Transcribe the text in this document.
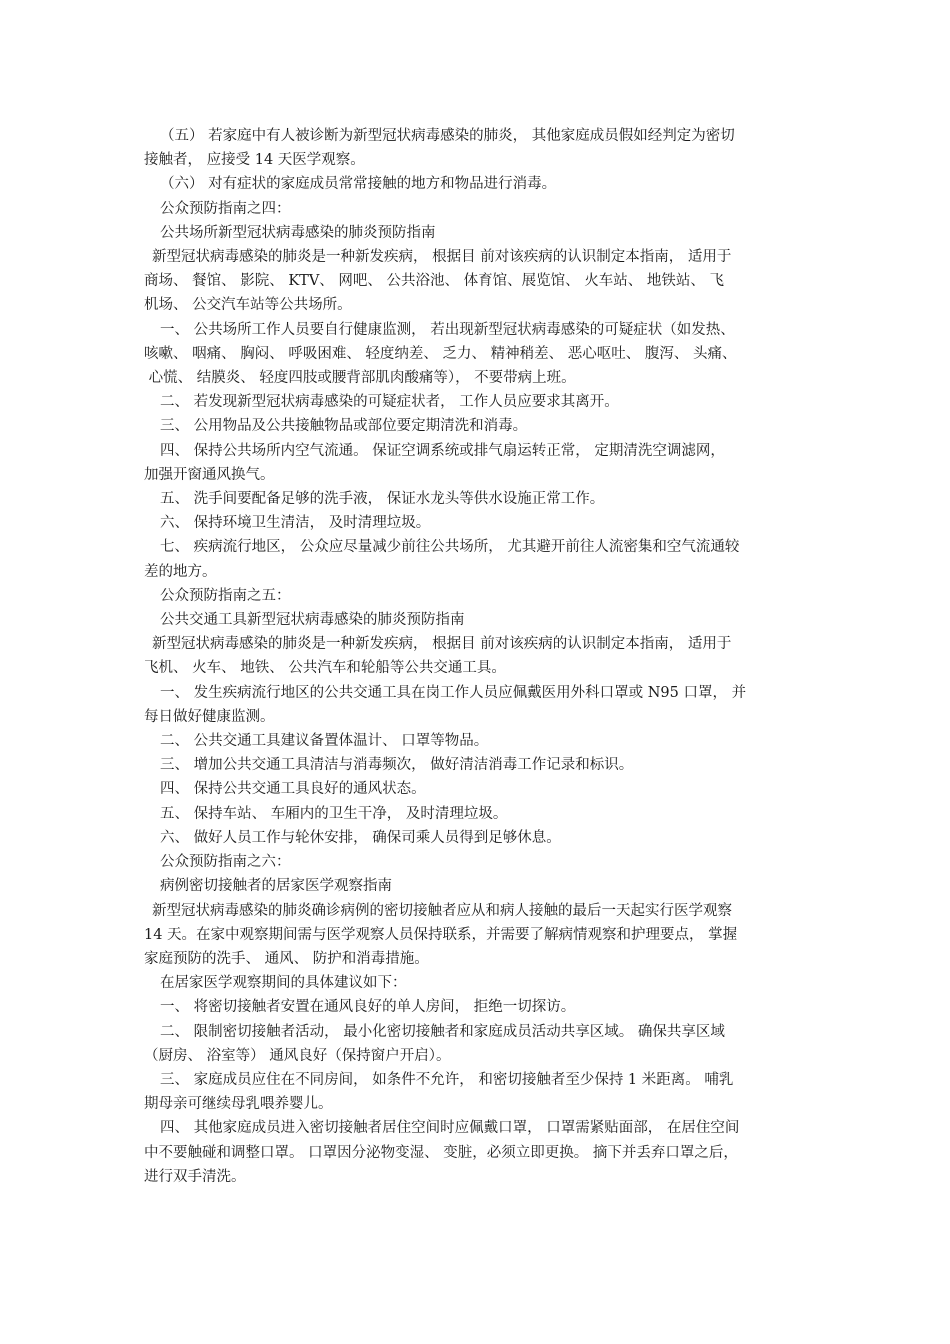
（五） 若家庭中有人被诊断为新型冠状病毒感染的肺炎， 其他家庭成员假如经判定为密切
接触者， 应接受 14 天医学观察。
（六） 对有症状的家庭成员常常接触的地方和物品进行消毒。
公众预防指南之四：
公共场所新型冠状病毒感染的肺炎预防指南
新型冠状病毒感染的肺炎是一种新发疾病， 根据目 前对该疾病的认识制定本指南， 适用于
商场、 餐馆、 影院、 KTV、 网吧、 公共浴池、 体育馆、展览馆、 火车站、 地铁站、 飞
机场、 公交汽车站等公共场所。
一、 公共场所工作人员要自行健康监测， 若出现新型冠状病毒感染的可疑症状（如发热、
咳嗽、 咽痛、 胸闷、 呼吸困难、 轻度纳差、 乏力、 精神稍差、 恶心呕吐、 腹泻、 头痛、
心慌、 结膜炎、 轻度四肢或腰背部肌肉酸痛等）， 不要带病上班。
二、 若发现新型冠状病毒感染的可疑症状者， 工作人员应要求其离开。
三、 公用物品及公共接触物品或部位要定期清洗和消毒。
四、 保持公共场所内空气流通。 保证空调系统或排气扇运转正常， 定期清洗空调滤网，
加强开窗通风换气。
五、 洗手间要配备足够的洗手液， 保证水龙头等供水设施正常工作。
六、 保持环境卫生清洁， 及时清理垃圾。
七、 疾病流行地区， 公众应尽量减少前往公共场所， 尤其避开前往人流密集和空气流通较
差的地方。
公众预防指南之五：
公共交通工具新型冠状病毒感染的肺炎预防指南
新型冠状病毒感染的肺炎是一种新发疾病， 根据目 前对该疾病的认识制定本指南， 适用于
飞机、 火车、 地铁、 公共汽车和轮船等公共交通工具。
一、 发生疾病流行地区的公共交通工具在岗工作人员应佩戴医用外科口罩或 N95 口罩， 并
每日做好健康监测。
二、 公共交通工具建议备置体温计、 口罩等物品。
三、 增加公共交通工具清洁与消毒频次， 做好清洁消毒工作记录和标识。
四、 保持公共交通工具良好的通风状态。
五、 保持车站、 车厢内的卫生干净， 及时清理垃圾。
六、 做好人员工作与轮休安排， 确保司乘人员得到足够休息。
公众预防指南之六：
病例密切接触者的居家医学观察指南
新型冠状病毒感染的肺炎确诊病例的密切接触者应从和病人接触的最后一天起实行医学观察
14 天。在家中观察期间需与医学观察人员保持联系，并需要了解病情观察和护理要点， 掌握
家庭预防的洗手、 通风、 防护和消毒措施。
在居家医学观察期间的具体建议如下：
一、 将密切接触者安置在通风良好的单人房间， 拒绝一切探访。
二、 限制密切接触者活动， 最小化密切接触者和家庭成员活动共享区域。 确保共享区域
（厨房、 浴室等） 通风良好（保持窗户开启）。
三、 家庭成员应住在不同房间， 如条件不允许， 和密切接触者至少保持 1 米距离。 哺乳
期母亲可继续母乳喂养婴儿。
四、 其他家庭成员进入密切接触者居住空间时应佩戴口罩， 口罩需紧贴面部， 在居住空间
中不要触碰和调整口罩。 口罩因分泌物变湿、 变脏，必须立即更换。 摘下并丢弃口罩之后，
进行双手清洗。
